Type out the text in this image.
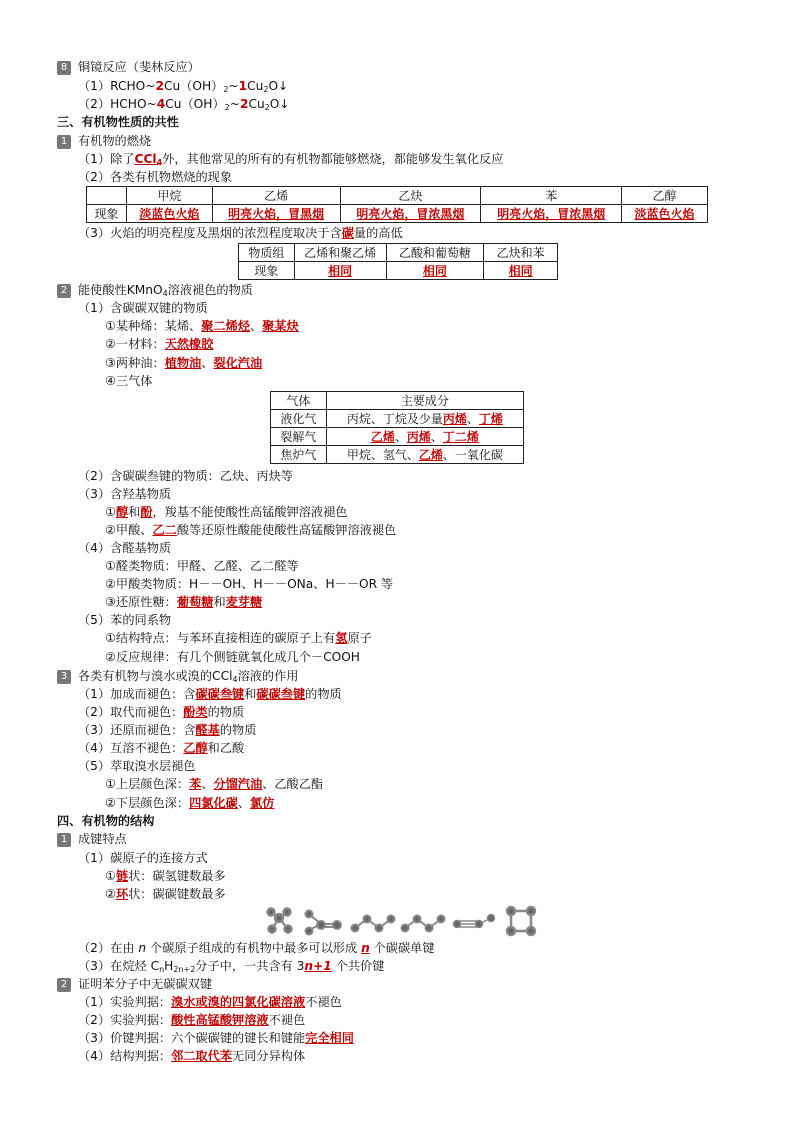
8 铜镜反应（斐林反应）
$(1)RCHO\sim 2Cu(OH)_2\sim 1Cu_2O↓$
$(2)HCHO\sim 4Cu(OH)_2\sim 2Cu_2O↓$
三、有机物性质的共性
1 有机物的燃烧
（1）除了CCl$_4$外，其他常见的所有的有机物都能够燃烧，都能够发生氧化反应
（2）各类有机物燃烧的现象
	甲烷	乙烯	乙炔	苯	乙醇
现象	淡蓝色火焰	明亮火焰，冒黑烟	明亮火焰，冒浓黑烟	明亮火焰，冒浓黑烟	淡蓝色火焰
（3）火焰的明亮程度及黑烟的浓烈程度取决于含碳量的高低
物质组	乙烯和聚乙烯	乙酸和葡萄糖	乙炔和苯
现象	相同	相同	相同
2 能使酸性KMnO$_4$溶液褪色的物质
（1）含碳碳双键的物质
①某种烯：某烯、聚二烯烃、聚某炔
②一材料：天然橡胶
③两种油：植物油、裂化汽油
④三气体
气体	主要成分
液化气	丙烷、丁烷及少量丙烯、丁烯
裂解气	乙烯、丙烯、丁二烯
焦炉气	甲烷、氢气、乙烯、一氧化碳
（2）含碳碳叁键的物质：乙炔、丙炔等
（3）含羟基物质
①醇和酚，羧基不能使酸性高锰酸钾溶液褪色
②甲酸、乙二酸等还原性酸能使酸性高锰酸钾溶液褪色
（4）含醛基物质
①醛类物质：甲醛、乙醛、乙二醛等
②甲酸类物质：H－－OH、H－－ONa、H－－OR 等
③还原性糖：葡萄糖和麦芽糖
（5）苯的同系物
①结构特点：与苯环直接相连的碳原子上有氢原子
②反应规律：有几个侧链就氧化成几个－COOH
3 各类有机物与溴水或溴的CCl$_4$溶液的作用
（1）加成而褪色：含碳碳叁键和碳碳叁键的物质
（2）取代而褪色：酚类的物质
（3）还原而褪色：含醛基的物质
（4）互溶不褪色：乙醇和乙酸
（5）萃取溴水层褪色
①上层颜色深：苯、分馏汽油、乙酸乙酯
②下层颜色深：四氯化碳、氯仿
四、有机物的结构
1 成键特点
（1）碳原子的连接方式
①链状：碳氢键数最多
②环状：碳碳键数最多
（2）在由 n 个碳原子组成的有机物中最多可以形成 n 个碳碳单键
（3）在烷烃 $C_nH_{2n+2}$分子中，一共含有 3n+1 个共价键
2 证明苯分子中无碳碳双键
（1）实验判据：溴水或溴的四氯化碳溶液不褪色
（2）实验判据：酸性高锰酸钾溶液不褪色
（3）价键判据：六个碳碳键的键长和键能完全相同
（4）结构判据：邻二取代苯无同分异构体
